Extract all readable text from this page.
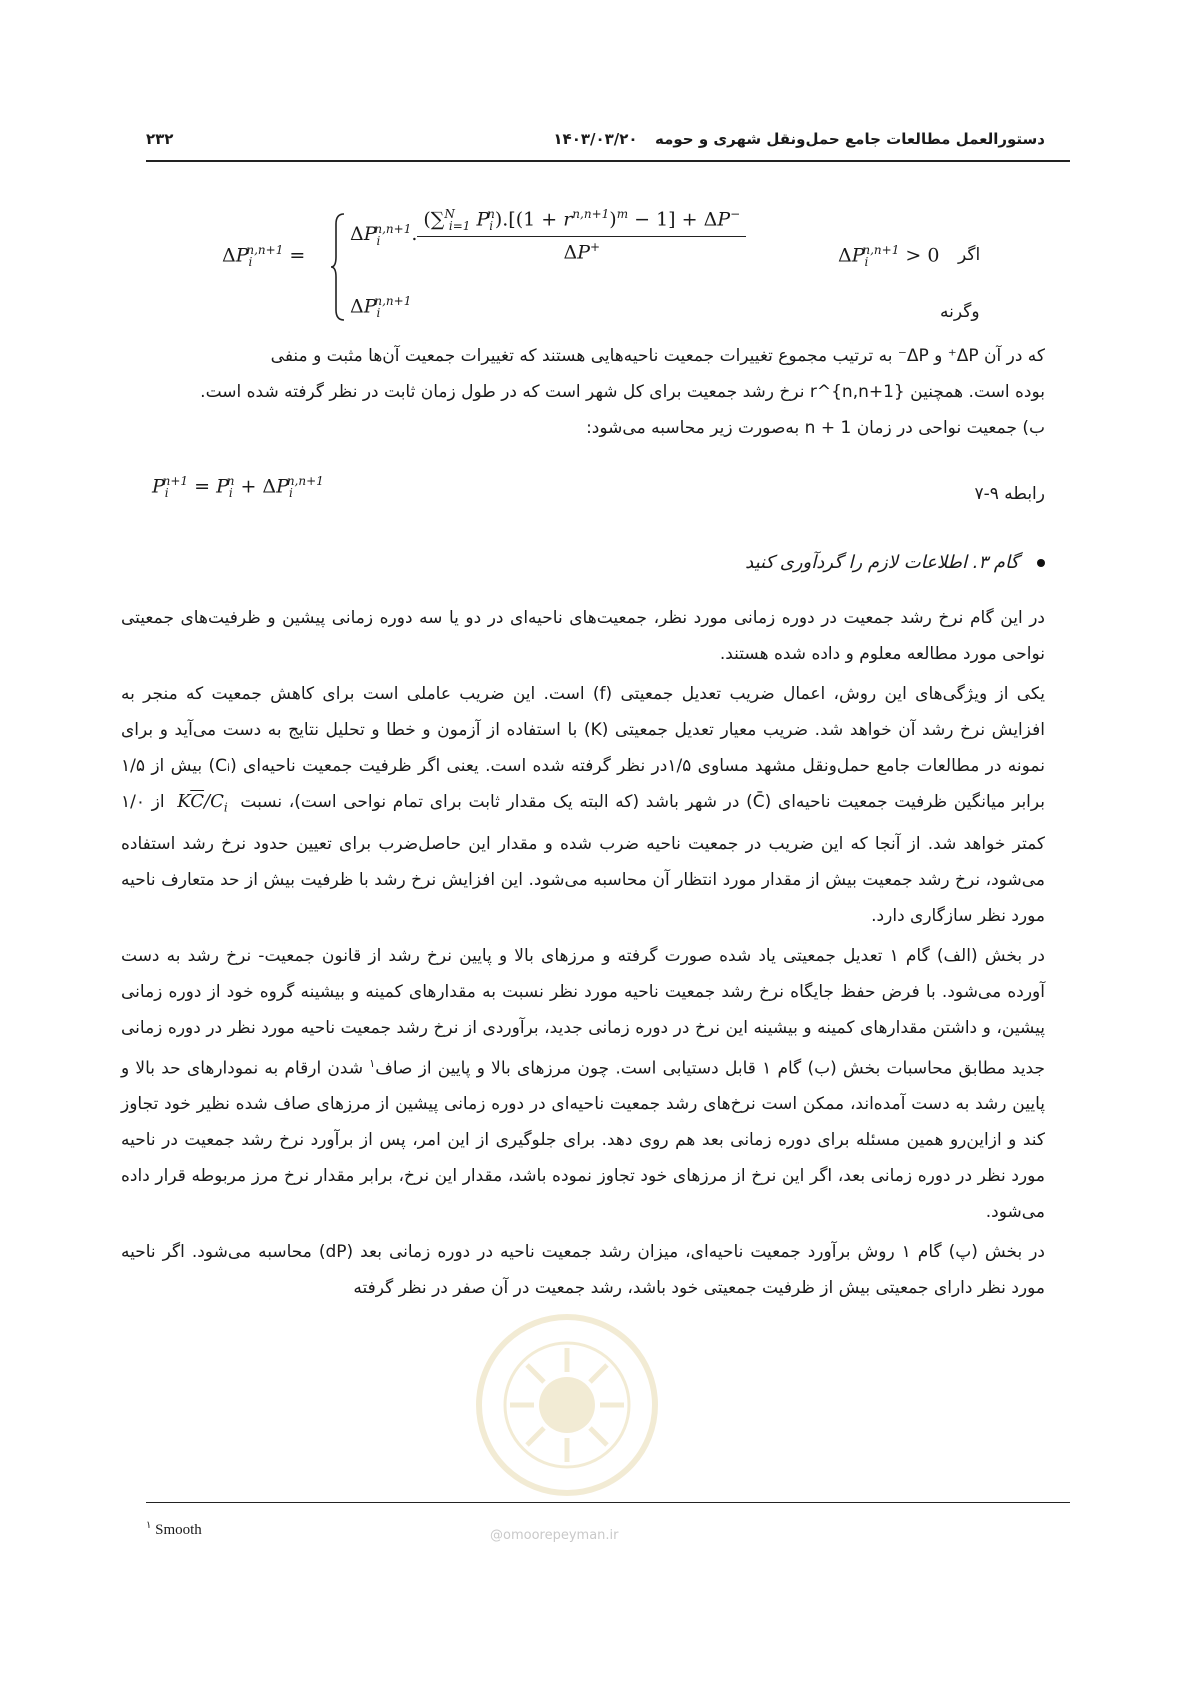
۲۳۲	۱۴۰۳/۰۳/۲۰	دستورالعمل مطالعات جامع حمل‌ونقل شهری و حومه
$\Delta P_i^{n,n+1}$ =
$\Delta P_i^{n,n+1}$. $\frac{(\sum^N_{i=1} P_i^n).[(1 + r^{n,n+1})^m - 1] + \Delta P^-}{\Delta P^+}$	$\Delta P_i^{n,n+1} > 0$ اگر
$\Delta P_i^{n,n+1}$
وگرنه

که در آن ΔP⁺ و ΔP⁻ به ترتیب مجموع تغییرات جمعیت ناحیه‌هایی هستند که تغییرات جمعیت آن‌ها مثبت و منفی

بوده است. همچنین r^{n,n+1} نرخ رشد جمعیت برای کل شهر است که در طول زمان ثابت در نظر گرفته شده است.

ب) جمعیت نواحی در زمان n + 1 به‌صورت زیر محاسبه می‌شود:

$P_i^{n+1} = P_i^n + \Delta P_i^{n,n+1}$
رابطه ۹-۷
گام ۳. اطلاعات لازم را گردآوری کنید

در این گام نرخ رشد جمعیت در دوره زمانی مورد نظر، جمعیت‌های ناحیه‌ای در دو یا سه دوره زمانی پیشین و ظرفیت‌های جمعیتی نواحی مورد مطالعه معلوم و داده شده هستند.

یکی از ویژگی‌های این روش، اعمال ضریب تعدیل جمعیتی (f) است. این ضریب عاملی است برای کاهش جمعیت که منجر به افزایش نرخ رشد آن خواهد شد. ضریب معیار تعدیل جمعیتی (K) با استفاده از آزمون و خطا و تحلیل نتایج به دست می‌آید و برای نمونه در مطالعات جامع حمل‌ونقل مشهد مساوی ۱/۵در نظر گرفته شده است. یعنی اگر ظرفیت جمعیت ناحیه‌ای (Cᵢ) بیش از ۱/۵ برابر میانگین ظرفیت جمعیت ناحیه‌ای (C̄) در شهر باشد (که البته یک مقدار ثابت برای تمام نواحی است)، نسبت $K\overline{C}/C_i$ از ۱/۰ کمتر خواهد شد. از آنجا که این ضریب در جمعیت ناحیه ضرب شده و مقدار این حاصل‌ضرب برای تعیین حدود نرخ رشد استفاده می‌شود، نرخ رشد جمعیت بیش از مقدار مورد انتظار آن محاسبه می‌شود. این افزایش نرخ رشد با ظرفیت بیش از حد متعارف ناحیه مورد نظر سازگاری دارد.

در بخش (الف) گام ۱ تعدیل جمعیتی یاد شده صورت گرفته و مرزهای بالا و پایین نرخ رشد از قانون جمعیت- نرخ رشد به دست آورده می‌شود. با فرض حفظ جایگاه نرخ رشد جمعیت ناحیه مورد نظر نسبت به مقدارهای کمینه و بیشینه گروه خود از دوره زمانی پیشین، و داشتن مقدارهای کمینه و بیشینه این نرخ در دوره زمانی جدید، برآوردی از نرخ رشد جمعیت ناحیه مورد نظر در دوره زمانی جدید مطابق محاسبات بخش (ب) گام ۱ قابل دستیابی است. چون مرزهای بالا و پایین از صاف$^۱$ شدن ارقام به نمودارهای حد بالا و پایین رشد به دست آمده‌اند، ممکن است نرخ‌های رشد جمعیت ناحیه‌ای در دوره زمانی پیشین از مرزهای صاف شده نظیر خود تجاوز کند و ازاین‌رو همین مسئله برای دوره زمانی بعد هم روی دهد. برای جلوگیری از این امر، پس از برآورد نرخ رشد جمعیت در ناحیه مورد نظر در دوره زمانی بعد، اگر این نرخ از مرزهای خود تجاوز نموده باشد، مقدار این نرخ، برابر مقدار نرخ مرز مربوطه قرار داده می‌شود.

در بخش (پ) گام ۱ روش برآورد جمعیت ناحیه‌ای، میزان رشد جمعیت ناحیه در دوره زمانی بعد (dP) محاسبه می‌شود. اگر ناحیه مورد نظر دارای جمعیتی بیش از ظرفیت جمعیتی خود باشد، رشد جمعیت در آن صفر در نظر گرفته

@omoorepeyman.ir
$^۱$ Smooth
